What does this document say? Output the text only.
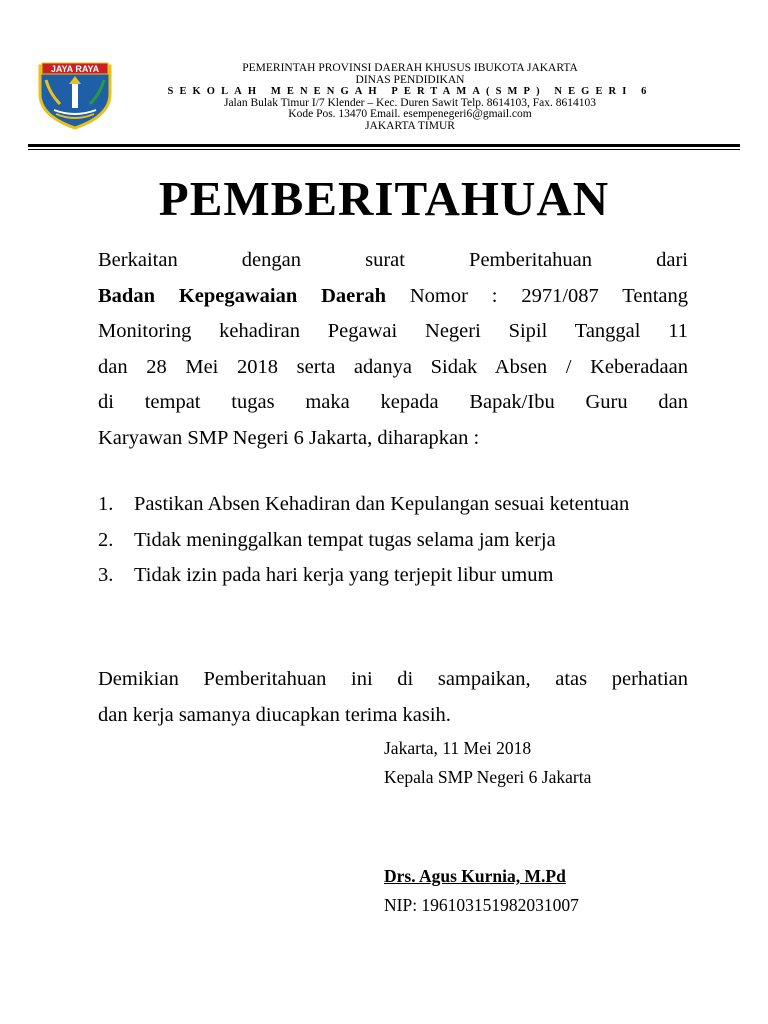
JAYA RAYA	PEMERINTAH PROVINSI DAERAH KHUSUS IBUKOTA JAKARTA
DINAS PENDIDIKAN
SEKOLAH MENENGAH PERTAMA(SMP) NEGERI 6
Jalan Bulak Timur I/7 Klender – Kec. Duren Sawit Telp. 8614103, Fax. 8614103
Kode Pos. 13470 Email. esempenegeri6@gmail.com
JAKARTA TIMUR
PEMBERITAHUAN
Berkaitan dengan surat Pemberitahuan dari
Badan Kepegawaian Daerah Nomor : 2971/087 Tentang
Monitoring kehadiran Pegawai Negeri Sipil Tanggal 11
dan 28 Mei 2018 serta adanya Sidak Absen / Keberadaan
di tempat tugas maka kepada Bapak/Ibu Guru dan
Karyawan SMP Negeri 6 Jakarta, diharapkan :
1. Pastikan Absen Kehadiran dan Kepulangan sesuai ketentuan
2. Tidak meninggalkan tempat tugas selama jam kerja
3. Tidak izin pada hari kerja yang terjepit libur umum
Demikian Pemberitahuan ini di sampaikan, atas perhatian
dan kerja samanya diucapkan terima kasih.
Jakarta, 11 Mei 2018
Kepala SMP Negeri 6 Jakarta
Drs. Agus Kurnia, M.Pd
NIP: 196103151982031007
